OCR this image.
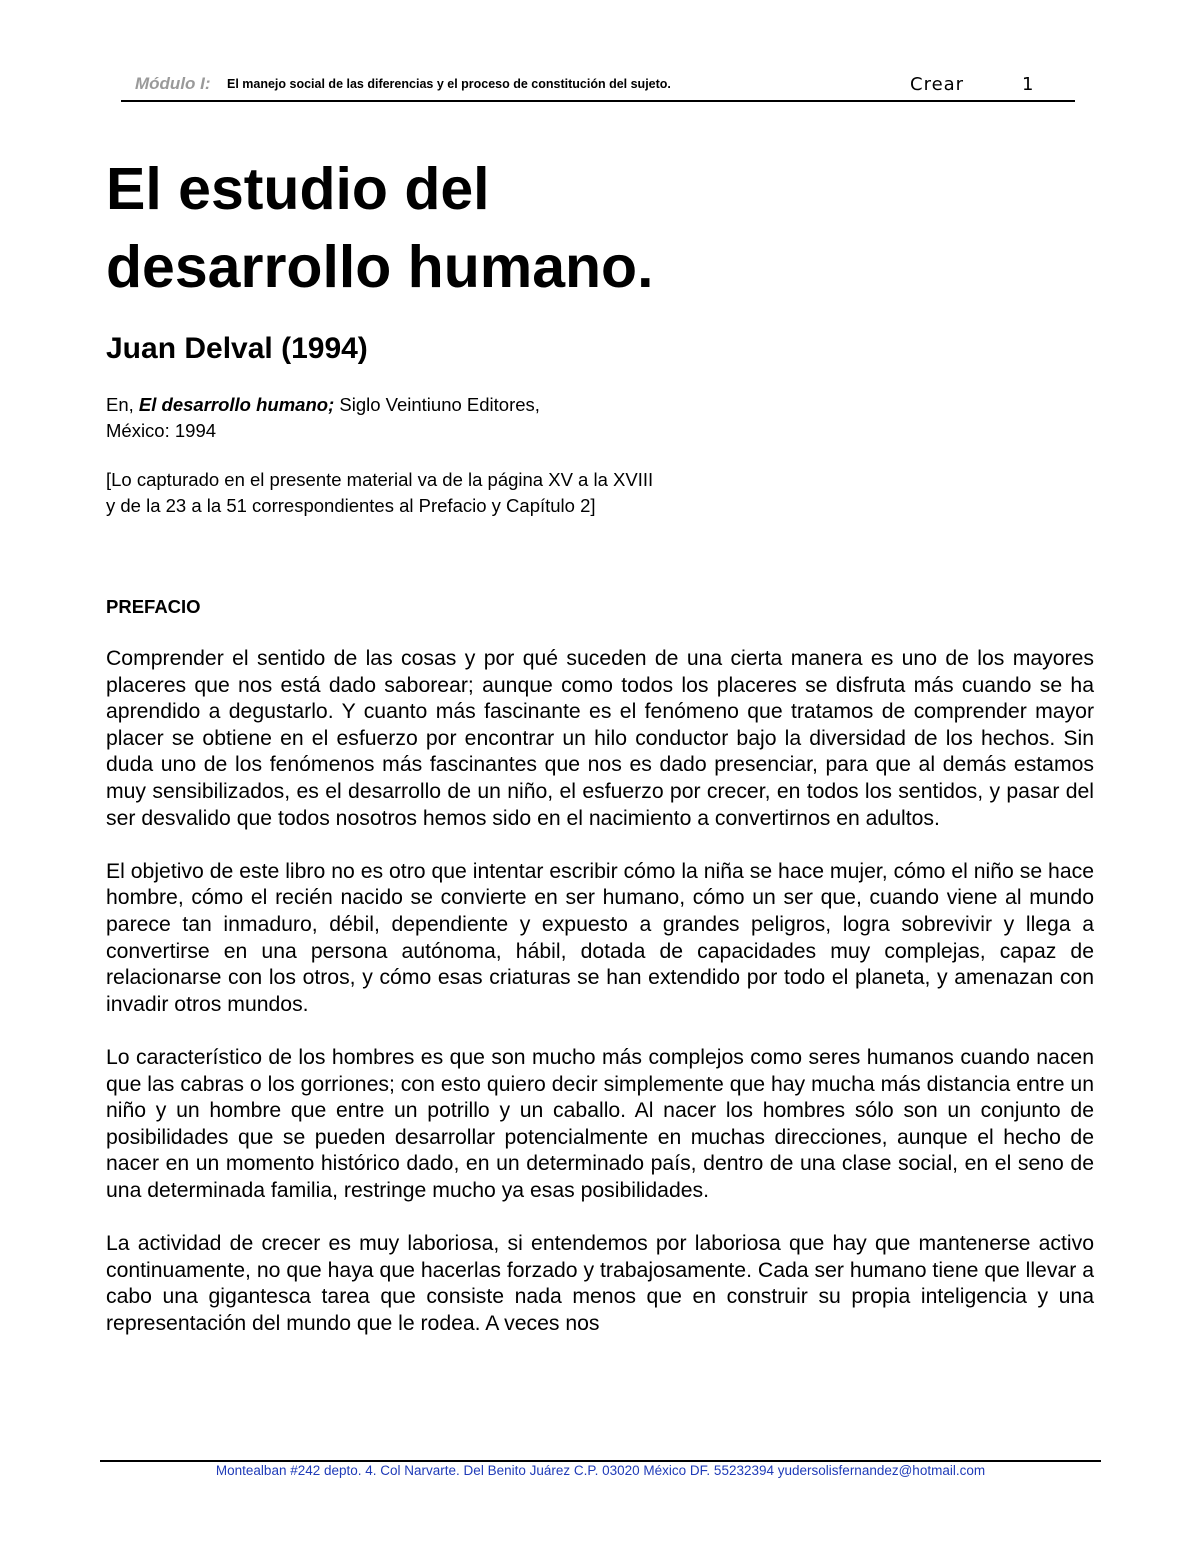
Módulo I: El manejo social de las diferencias y el proceso de constitución del sujeto.	Crear	1
El estudio del
desarrollo humano.
Juan Delval (1994)
En, El desarrollo humano; Siglo Veintiuno Editores,
México: 1994
[Lo capturado en el presente material va de la página XV a la XVIII y de la 23 a la 51 correspondientes al Prefacio y Capítulo 2]
PREFACIO

Comprender el sentido de las cosas y por qué suceden de una cierta manera es uno de los mayores placeres que nos está dado saborear; aunque como todos los placeres se disfruta más cuando se ha aprendido a degustarlo. Y cuanto más fascinante es el fenómeno que tratamos de comprender mayor placer se obtiene en el esfuerzo por encontrar un hilo conductor bajo la diversidad de los hechos. Sin duda uno de los fenómenos más fascinantes que nos es dado presenciar, para que al demás estamos muy sensibilizados, es el desarrollo de un niño, el esfuerzo por crecer, en todos los sentidos, y pasar del ser desvalido que todos nosotros hemos sido en el nacimiento a convertirnos en adultos.

El objetivo de este libro no es otro que intentar escribir cómo la niña se hace mujer, cómo el niño se hace hombre, cómo el recién nacido se convierte en ser humano, cómo un ser que, cuando viene al mundo parece tan inmaduro, débil, dependiente y expuesto a grandes peligros, logra sobrevivir y llega a convertirse en una persona autónoma, hábil, dotada de capacidades muy complejas, capaz de relacionarse con los otros, y cómo esas criaturas se han extendido por todo el planeta, y amenazan con invadir otros mundos.

Lo característico de los hombres es que son mucho más complejos como seres humanos cuando nacen que las cabras o los gorriones; con esto quiero decir simplemente que hay mucha más distancia entre un niño y un hombre que entre un potrillo y un caballo. Al nacer los hombres sólo son un conjunto de posibilidades que se pueden desarrollar potencialmente en muchas direcciones, aunque el hecho de nacer en un momento histórico dado, en un determinado país, dentro de una clase social, en el seno de una determinada familia, restringe mucho ya esas posibilidades.

La actividad de crecer es muy laboriosa, si entendemos por laboriosa que hay que mantenerse activo continuamente, no que haya que hacerlas forzado y trabajosamente. Cada ser humano tiene que llevar a cabo una gigantesca tarea que consiste nada menos que en construir su propia inteligencia y una representación del mundo que le rodea. A veces nos

Montealban #242 depto. 4. Col Narvarte. Del Benito Juárez C.P. 03020 México DF. 55232394 yudersolisfernandez@hotmail.com
